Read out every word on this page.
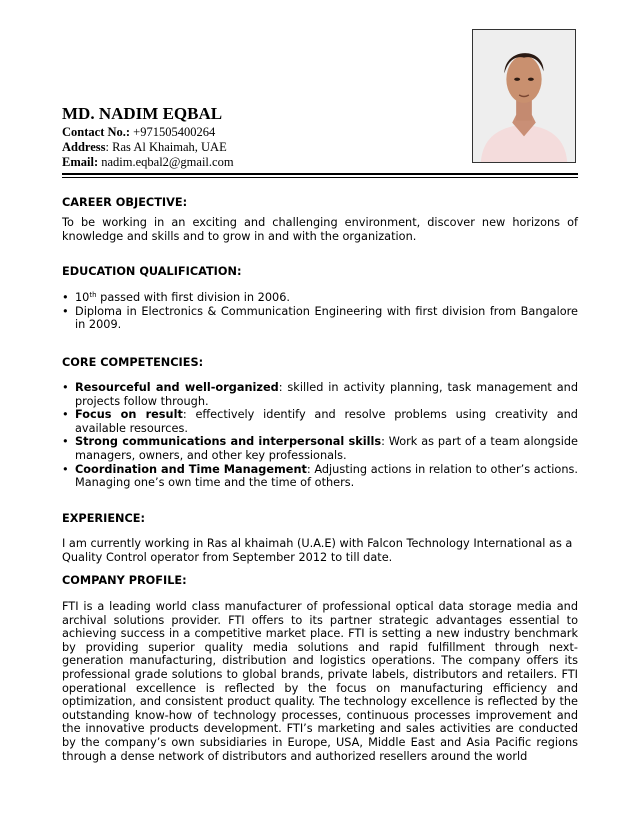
MD. NADIM EQBAL
Contact No.: +971505400264
Address: Ras Al Khaimah, UAE
Email: nadim.eqbal2@gmail.com
CAREER OBJECTIVE:

To be working in an exciting and challenging environment, discover new horizons of knowledge and skills and to grow in and with the organization.

EDUCATION QUALIFICATION:
• 10th passed with first division in 2006.
• Diploma in Electronics & Communication Engineering with first division from Bangalore in 2009.
CORE COMPETENCIES:
• Resourceful and well-organized: skilled in activity planning, task management and projects follow through.
• Focus on result: effectively identify and resolve problems using creativity and available resources.
• Strong communications and interpersonal skills: Work as part of a team alongside managers, owners, and other key professionals.
• Coordination and Time Management: Adjusting actions in relation to other’s actions. Managing one’s own time and the time of others.
EXPERIENCE:

I am currently working in Ras al khaimah (U.A.E) with Falcon Technology International as a
Quality Control operator from September 2012 to till date.

COMPANY PROFILE:

FTI is a leading world class manufacturer of professional optical data storage media and archival solutions provider. FTI offers to its partner strategic advantages essential to achieving success in a competitive market place. FTI is setting a new industry benchmark by providing superior quality media solutions and rapid fulfillment through next-generation manufacturing, distribution and logistics operations. The company offers its professional grade solutions to global brands, private labels, distributors and retailers. FTI operational excellence is reflected by the focus on manufacturing efficiency and optimization, and consistent product quality. The technology excellence is reflected by the outstanding know-how of technology processes, continuous processes improvement and the innovative products development. FTI’s marketing and sales activities are conducted by the company’s own subsidiaries in Europe, USA, Middle East and Asia Pacific regions through a dense network of distributors and authorized resellers around the world
